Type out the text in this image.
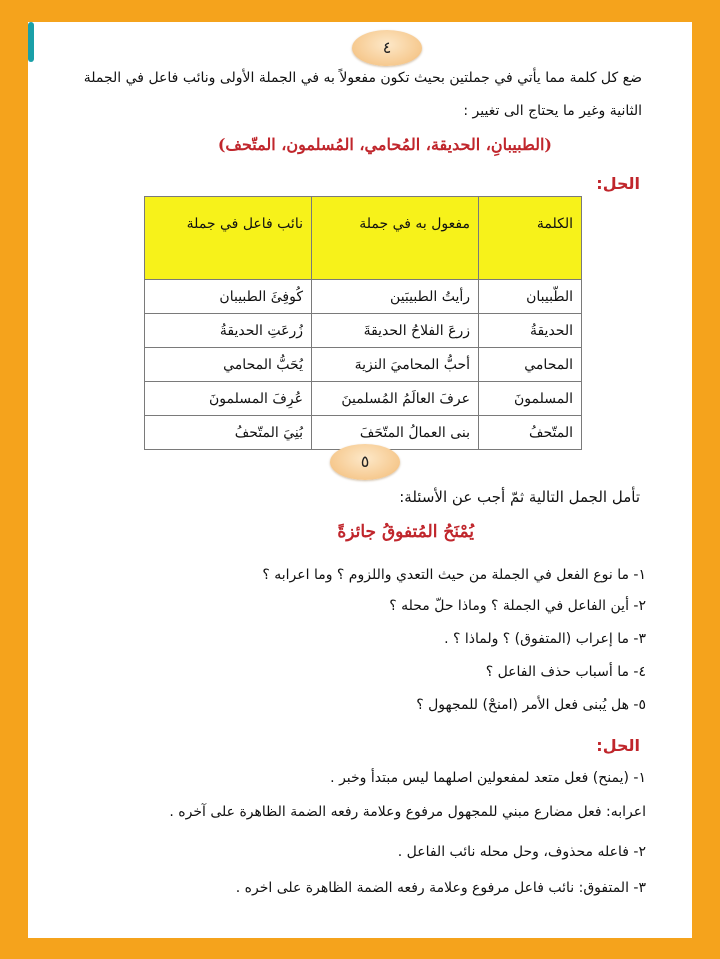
٤
ضع كل كلمة مما يأتي في جملتين بحيث تكون مفعولاً به في الجملة الأولى ونائب فاعل في الجملة
الثانية وغير ما يحتاج الى تغيير :
(الطبيبانِ، الحديقة، المُحامي، المُسلمون، المتّحف)
الحل:
الكلمة	مفعول به في جملة	نائب فاعل في جملة
الطّبيبان	رأيتُ الطبيبَين	كُوفِئَ الطبيبان
الحديقةُ	زرعَ الفلاحُ الحديقةَ	زُرعَتِ الحديقةُ
المحامي	أحبُّ المحاميَ النزيهَ	يُحَبُّ المحامي
المسلمونَ	عرفَ العالَمُ المُسلمينَ	عُرِفَ المسلمونَ
المتّحفُ	بنى العمالُ المتّحَفَ	بُنِيَ المتّحفُ
٥
تأمل الجمل التالية ثمّ أجب عن الأسئلة:
يُمْنَحُ المُتفوقُ جائزةً
١- ما نوع الفعل في الجملة من حيث التعدي واللزوم ؟ وما اعرابه ؟
٢- أين الفاعل في الجملة ؟ وماذا حلّ محله ؟
٣- ما إعراب (المتفوق) ؟ ولماذا ؟ .
٤- ما أسباب حذف الفاعل ؟
٥- هل يُبنى فعل الأمر (امنحْ) للمجهول ؟
الحل:
١- (يمنح) فعل متعد لمفعولين اصلهما ليس مبتدأ وخبر .
اعرابه: فعل مضارع مبني للمجهول مرفوع وعلامة رفعه الضمة الظاهرة على آخره .
٢- فاعله محذوف، وحل محله نائب الفاعل .
٣- المتفوق: نائب فاعل مرفوع وعلامة رفعه الضمة الظاهرة على اخره .
